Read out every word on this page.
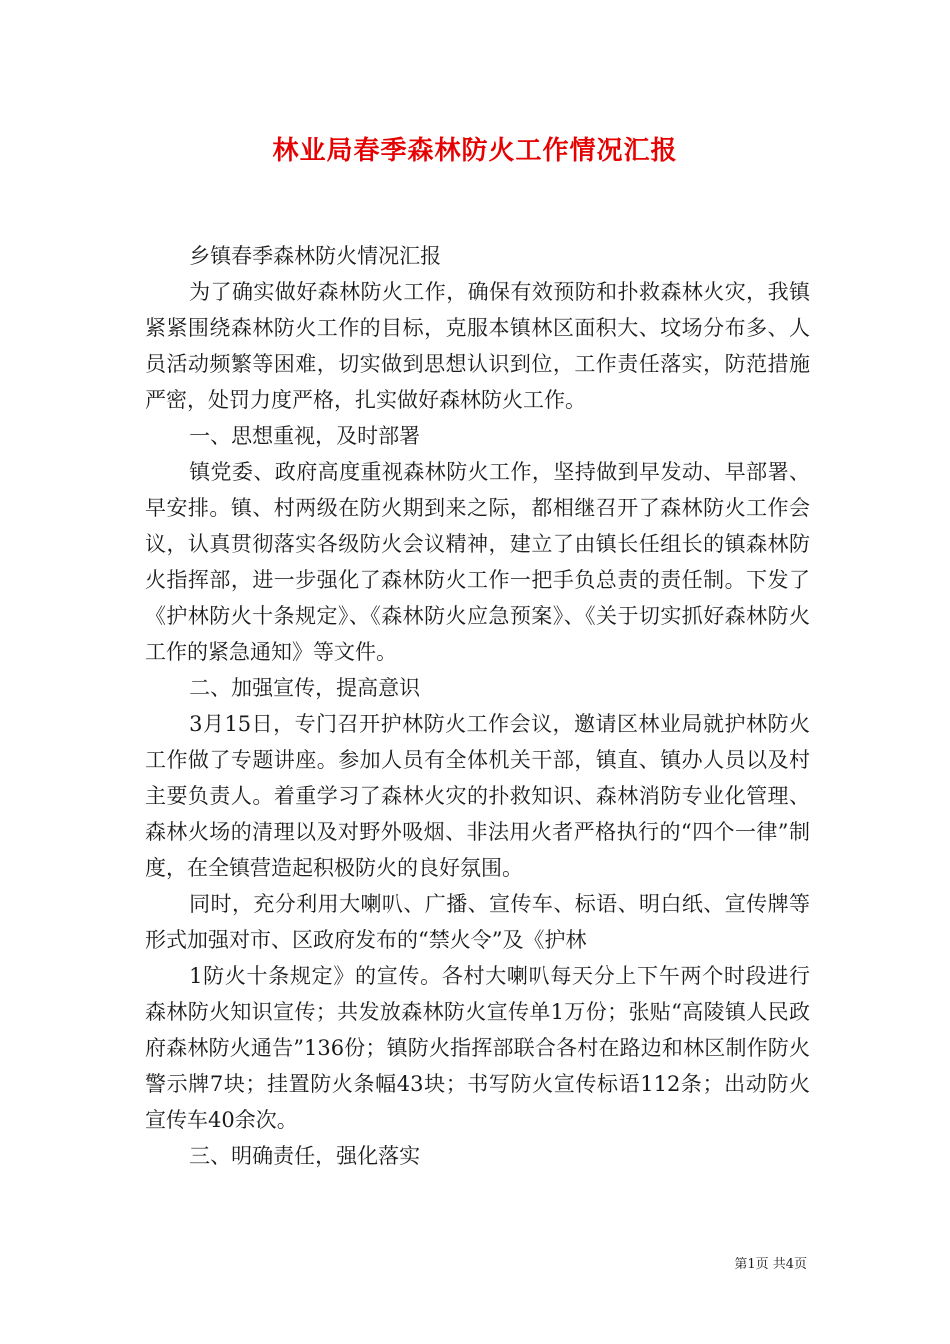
林业局春季森林防火工作情况汇报

乡镇春季森林防火情况汇报

为了确实做好森林防火工作，确保有效预防和扑救森林火灾，我镇紧紧围绕森林防火工作的目标，克服本镇林区面积大、坟场分布多、人员活动频繁等困难，切实做到思想认识到位，工作责任落实，防范措施严密，处罚力度严格，扎实做好森林防火工作。

一、思想重视，及时部署

镇党委、政府高度重视森林防火工作，坚持做到早发动、早部署、早安排。镇、村两级在防火期到来之际，都相继召开了森林防火工作会议，认真贯彻落实各级防火会议精神，建立了由镇长任组长的镇森林防火指挥部，进一步强化了森林防火工作一把手负总责的责任制。下发了《护林防火十条规定》、《森林防火应急预案》、《关于切实抓好森林防火工作的紧急通知》等文件。

二、加强宣传，提高意识

3月15日，专门召开护林防火工作会议，邀请区林业局就护林防火工作做了专题讲座。参加人员有全体机关干部，镇直、镇办人员以及村主要负责人。着重学习了森林火灾的扑救知识、森林消防专业化管理、森林火场的清理以及对野外吸烟、非法用火者严格执行的“四个一律”制度，在全镇营造起积极防火的良好氛围。

同时，充分利用大喇叭、广播、宣传车、标语、明白纸、宣传牌等形式加强对市、区政府发布的“禁火令”及《护林

1防火十条规定》的宣传。各村大喇叭每天分上下午两个时段进行森林防火知识宣传；共发放森林防火宣传单1万份；张贴“高陵镇人民政府森林防火通告”136份；镇防火指挥部联合各村在路边和林区制作防火警示牌7块；挂置防火条幅43块；书写防火宣传标语112条；出动防火宣传车40余次。

三、明确责任，强化落实

第1页 共4页
